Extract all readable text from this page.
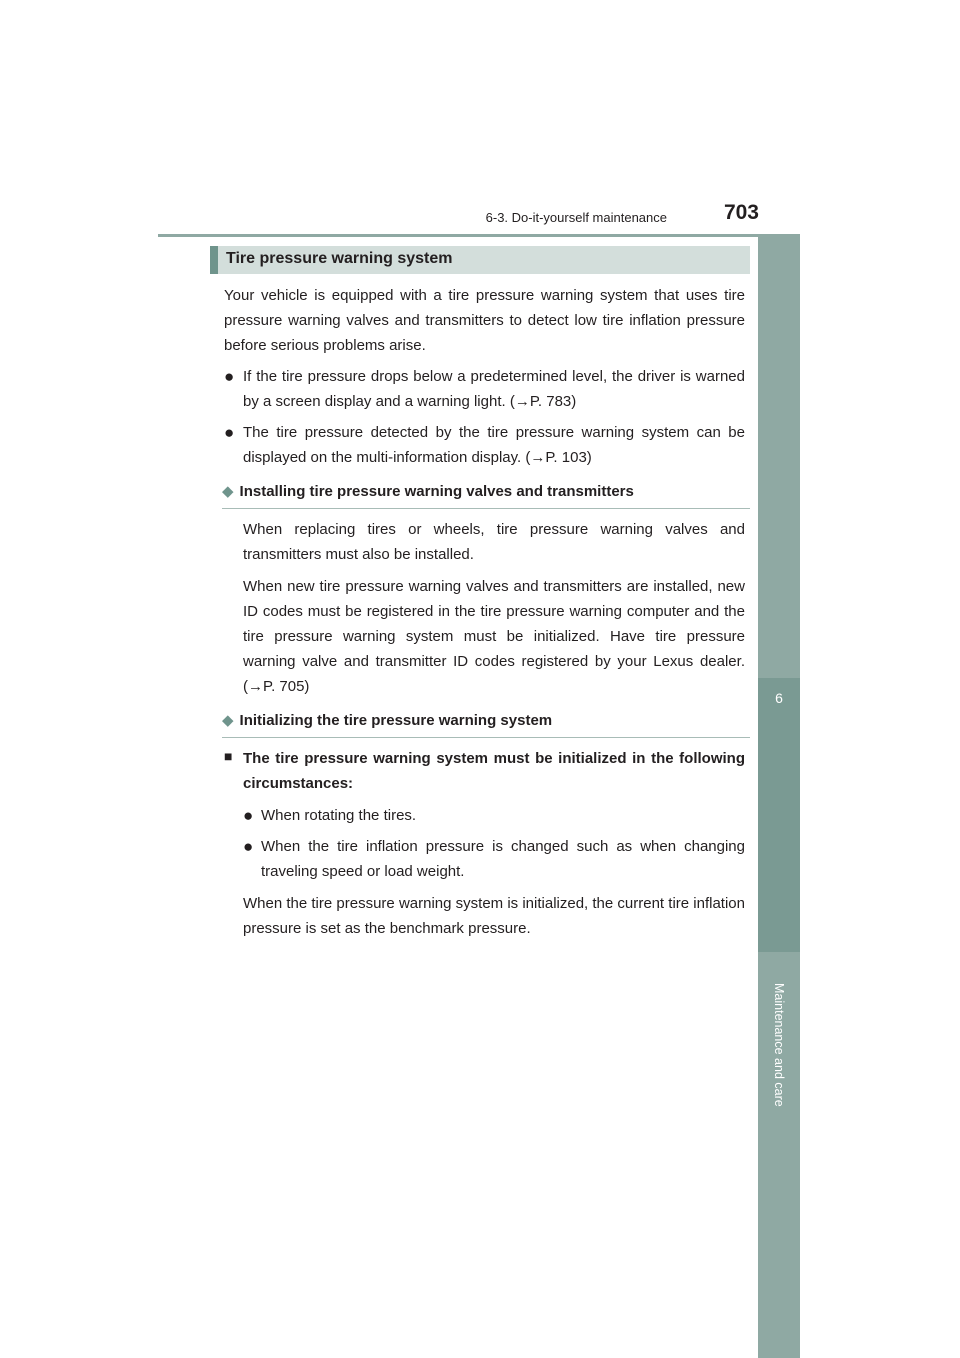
6-3. Do-it-yourself maintenance	703
6
Maintenance and care
Tire pressure warning system
Your vehicle is equipped with a tire pressure warning system that uses tire pressure warning valves and transmitters to detect low tire inflation pressure before serious problems arise.
● If the tire pressure drops below a predetermined level, the driver is warned by a screen display and a warning light. (→P. 783)
● The tire pressure detected by the tire pressure warning system can be displayed on the multi-information display. (→P. 103)
◆ Installing tire pressure warning valves and transmitters
When replacing tires or wheels, tire pressure warning valves and transmitters must also be installed.
When new tire pressure warning valves and transmitters are installed, new ID codes must be registered in the tire pressure warning computer and the tire pressure warning system must be initialized. Have tire pressure warning valve and transmitter ID codes registered by your Lexus dealer. (→P. 705)
◆ Initializing the tire pressure warning system
■ The tire pressure warning system must be initialized in the following circumstances:
● When rotating the tires.
● When the tire inflation pressure is changed such as when changing traveling speed or load weight.
When the tire pressure warning system is initialized, the current tire inflation pressure is set as the benchmark pressure.
